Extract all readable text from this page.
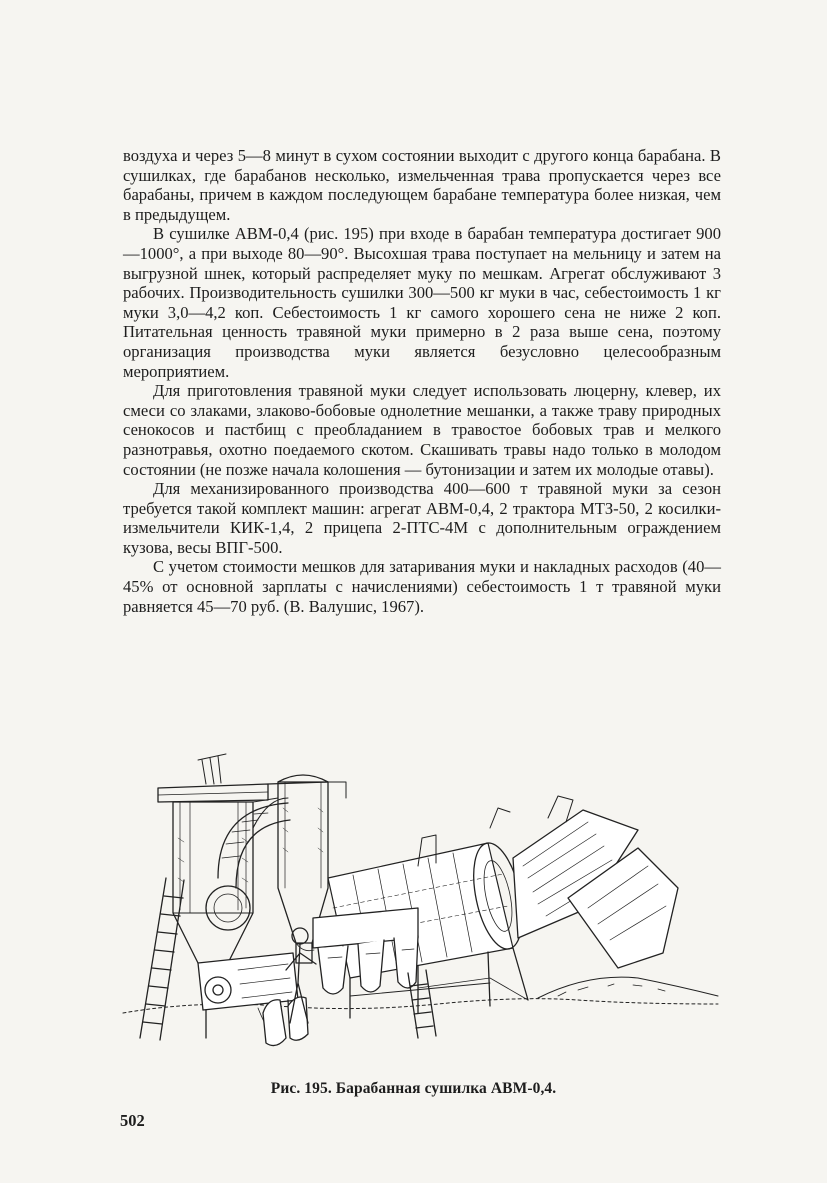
воздуха и через 5—8 минут в сухом состоянии выходит с другого конца барабана. В сушилках, где барабанов несколько, измельченная трава пропускается через все барабаны, причем в каждом последующем барабане температура более низкая, чем в предыдущем.

В сушилке АВМ-0,4 (рис. 195) при входе в барабан температура достигает 900—1000°, а при выходе 80—90°. Высохшая трава поступает на мельницу и затем на выгрузной шнек, который распределяет муку по мешкам. Агрегат обслуживают 3 рабочих. Производительность сушилки 300—500 кг муки в час, себестоимость 1 кг муки 3,0—4,2 коп. Себестоимость 1 кг самого хорошего сена не ниже 2 коп. Питательная ценность травяной муки примерно в 2 раза выше сена, поэтому организация производства муки является безусловно целесообразным мероприятием.

Для приготовления травяной муки следует использовать люцерну, клевер, их смеси со злаками, злаково-бобовые однолетние мешанки, а также траву природных сенокосов и пастбищ с преобладанием в травостое бобовых трав и мелкого разнотравья, охотно поедаемого скотом. Скашивать травы надо только в молодом состоянии (не позже начала колошения — бутонизации и затем их молодые отавы).

Для механизированного производства 400—600 т травяной муки за сезон требуется такой комплект машин: агрегат АВМ-0,4, 2 трактора МТЗ-50, 2 косилки-измельчители КИК-1,4, 2 прицепа 2-ПТС-4М с дополнительным ограждением кузова, весы ВПГ-500.

С учетом стоимости мешков для затаривания муки и накладных расходов (40—45% от основной зарплаты с начислениями) себестоимость 1 т травяной муки равняется 45—70 руб. (В. Валушис, 1967).

Рис. 195. Барабанная сушилка АВМ-0,4.
502
